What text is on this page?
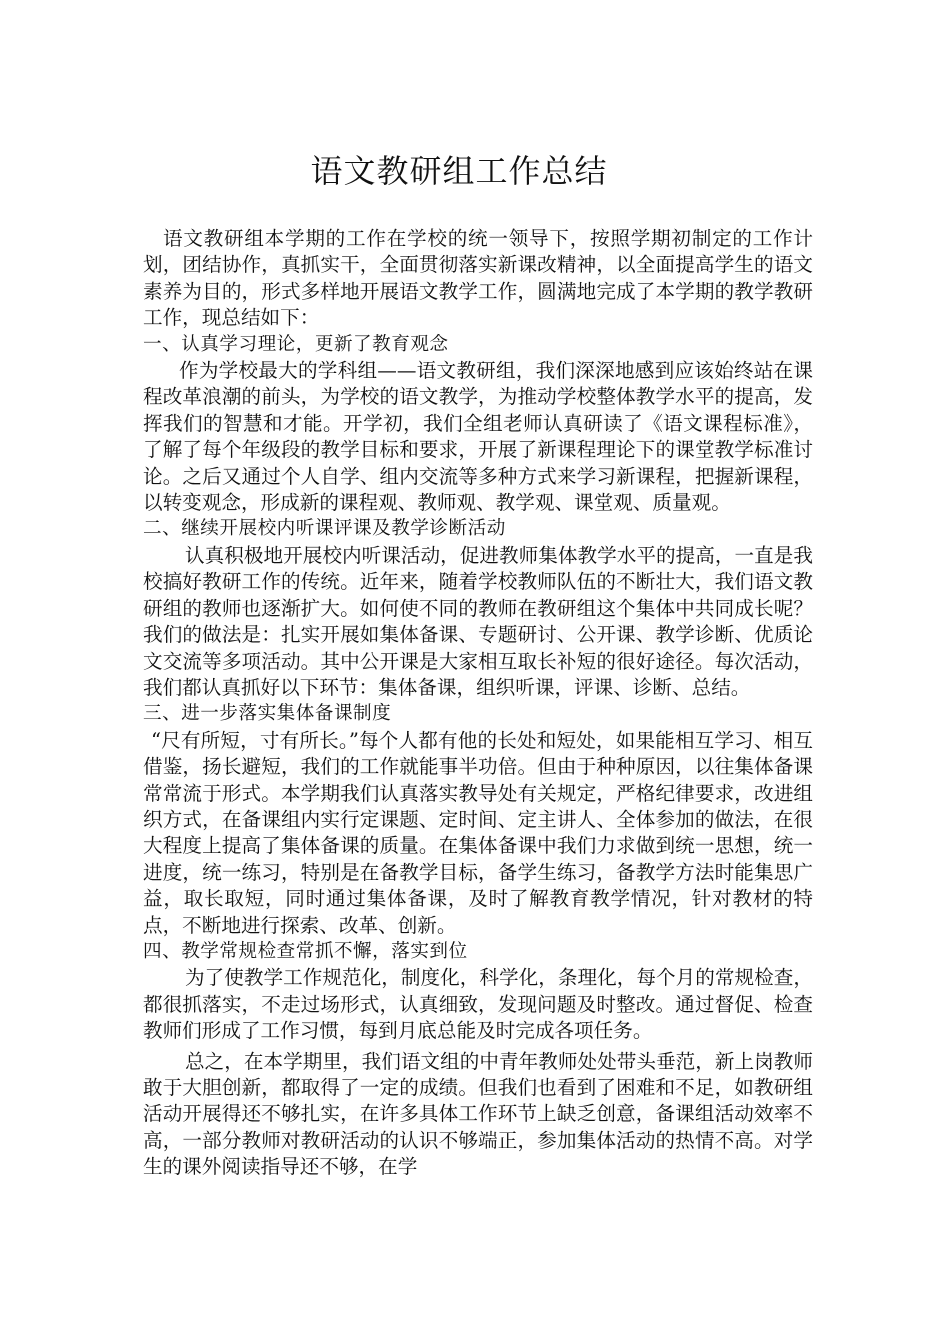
语文教研组工作总结

语文教研组本学期的工作在学校的统一领导下，按照学期初制定的工作计划，团结协作，真抓实干，全面贯彻落实新课改精神，以全面提高学生的语文素养为目的，形式多样地开展语文教学工作，圆满地完成了本学期的教学教研工作，现总结如下：

一、认真学习理论，更新了教育观念

作为学校最大的学科组——语文教研组，我们深深地感到应该始终站在课程改革浪潮的前头，为学校的语文教学，为推动学校整体教学水平的提高，发挥我们的智慧和才能。开学初，我们全组老师认真研读了《语文课程标准》，了解了每个年级段的教学目标和要求，开展了新课程理论下的课堂教学标准讨论。之后又通过个人自学、组内交流等多种方式来学习新课程，把握新课程，以转变观念，形成新的课程观、教师观、教学观、课堂观、质量观。

二、继续开展校内听课评课及教学诊断活动

认真积极地开展校内听课活动，促进教师集体教学水平的提高，一直是我校搞好教研工作的传统。近年来，随着学校教师队伍的不断壮大，我们语文教研组的教师也逐渐扩大。如何使不同的教师在教研组这个集体中共同成长呢？我们的做法是：扎实开展如集体备课、专题研讨、公开课、教学诊断、优质论文交流等多项活动。其中公开课是大家相互取长补短的很好途径。每次活动，我们都认真抓好以下环节：集体备课，组织听课，评课、诊断、总结。

三、进一步落实集体备课制度

“尺有所短，寸有所长。”每个人都有他的长处和短处，如果能相互学习、相互借鉴，扬长避短，我们的工作就能事半功倍。但由于种种原因，以往集体备课常常流于形式。本学期我们认真落实教导处有关规定，严格纪律要求，改进组织方式，在备课组内实行定课题、定时间、定主讲人、全体参加的做法，在很大程度上提高了集体备课的质量。在集体备课中我们力求做到统一思想，统一进度，统一练习，特别是在备教学目标，备学生练习，备教学方法时能集思广益，取长取短，同时通过集体备课，及时了解教育教学情况，针对教材的特点，不断地进行探索、改革、创新。

四、教学常规检查常抓不懈，落实到位

为了使教学工作规范化，制度化，科学化，条理化，每个月的常规检查，都很抓落实，不走过场形式，认真细致，发现问题及时整改。通过督促、检查教师们形成了工作习惯，每到月底总能及时完成各项任务。

总之，在本学期里，我们语文组的中青年教师处处带头垂范，新上岗教师敢于大胆创新，都取得了一定的成绩。但我们也看到了困难和不足，如教研组活动开展得还不够扎实，在许多具体工作环节上缺乏创意，备课组活动效率不高，一部分教师对教研活动的认识不够端正，参加集体活动的热情不高。对学生的课外阅读指导还不够，在学
